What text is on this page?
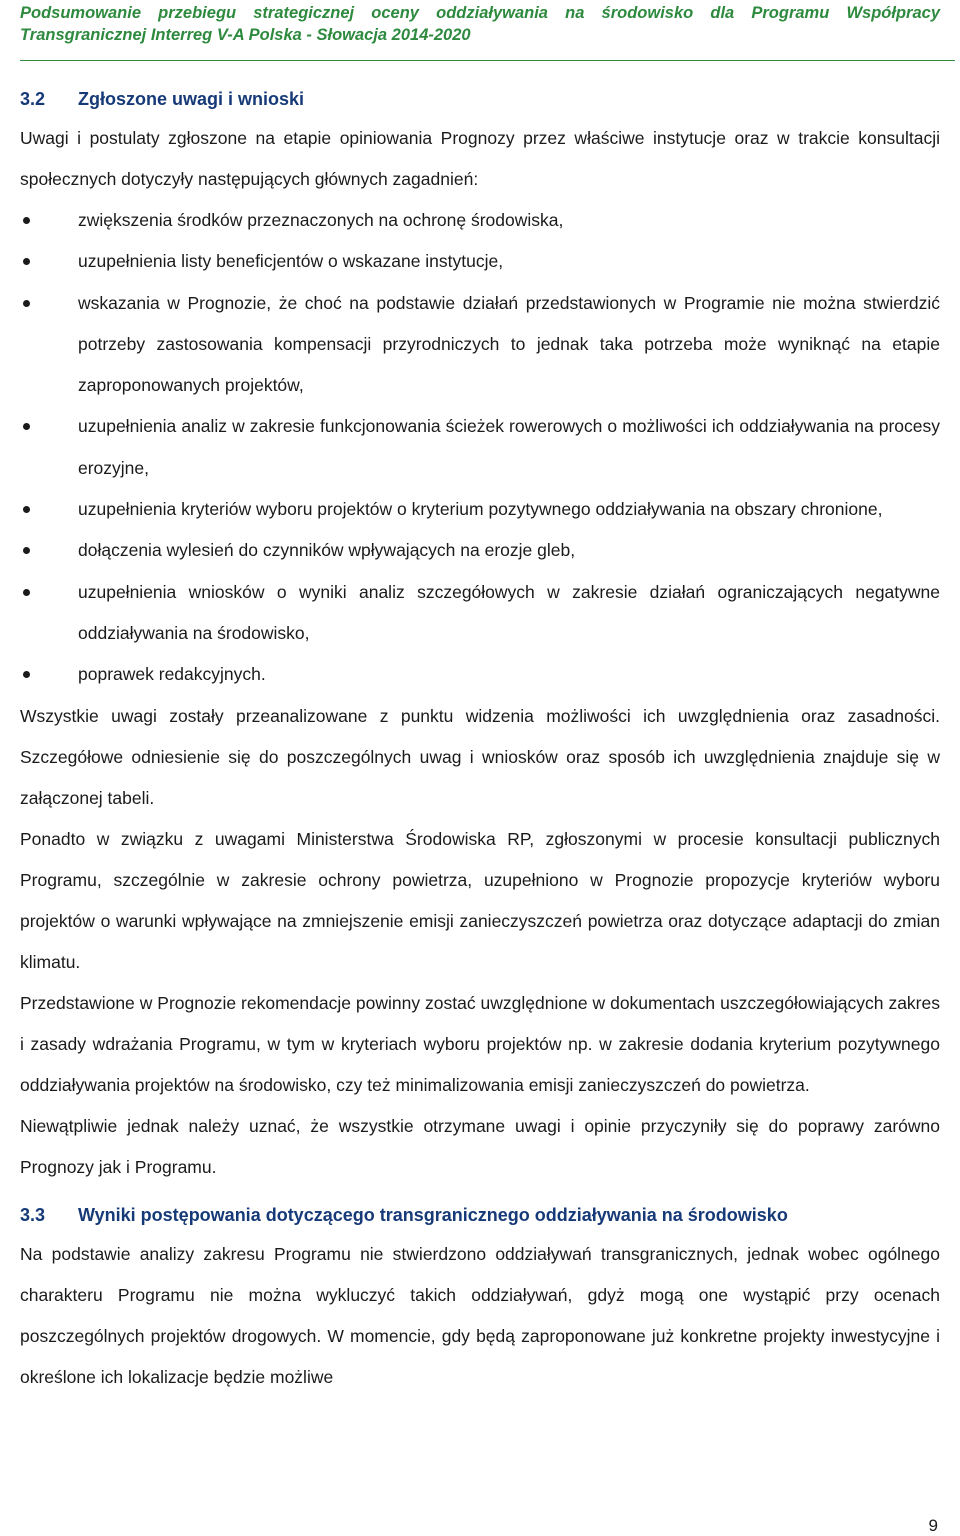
Podsumowanie przebiegu strategicznej oceny oddziaływania na środowisko dla Programu Współpracy
Transgranicznej Interreg V-A Polska - Słowacja 2014-2020
3.2	Zgłoszone uwagi i wnioski

Uwagi i postulaty zgłoszone na etapie opiniowania Prognozy przez właściwe instytucje oraz w trakcie konsultacji społecznych dotyczyły następujących głównych zagadnień:

zwiększenia środków przeznaczonych na ochronę środowiska,
uzupełnienia listy beneficjentów o wskazane instytucje,
wskazania w Prognozie, że choć na podstawie działań przedstawionych w Programie nie można stwierdzić potrzeby zastosowania kompensacji przyrodniczych to jednak taka potrzeba może wyniknąć na etapie zaproponowanych projektów,
uzupełnienia analiz w zakresie funkcjonowania ścieżek rowerowych o możliwości ich oddziaływania na procesy erozyjne,
uzupełnienia kryteriów wyboru projektów o kryterium pozytywnego oddziaływania na obszary chronione,
dołączenia wylesień do czynników wpływających na erozje gleb,
uzupełnienia wniosków o wyniki analiz szczegółowych w zakresie działań ograniczających negatywne oddziaływania na środowisko,
poprawek redakcyjnych.

Wszystkie uwagi zostały przeanalizowane z punktu widzenia możliwości ich uwzględnienia oraz zasadności. Szczegółowe odniesienie się do poszczególnych uwag i wniosków oraz sposób ich uwzględnienia znajduje się w załączonej tabeli.

Ponadto w związku z uwagami Ministerstwa Środowiska RP, zgłoszonymi w procesie konsultacji publicznych Programu, szczególnie w zakresie ochrony powietrza, uzupełniono w Prognozie propozycje kryteriów wyboru projektów o warunki wpływające na zmniejszenie emisji zanieczyszczeń powietrza oraz dotyczące adaptacji do zmian klimatu.

Przedstawione w Prognozie rekomendacje powinny zostać uwzględnione w dokumentach uszczegółowiających zakres i zasady wdrażania Programu, w tym w kryteriach wyboru projektów np. w zakresie dodania kryterium pozytywnego oddziaływania projektów na środowisko, czy też minimalizowania emisji zanieczyszczeń do powietrza.

Niewątpliwie jednak należy uznać, że wszystkie otrzymane uwagi i opinie przyczyniły się do poprawy zarówno Prognozy jak i Programu.

3.3	Wyniki postępowania dotyczącego transgranicznego oddziaływania na środowisko

Na podstawie analizy zakresu Programu nie stwierdzono oddziaływań transgranicznych, jednak wobec ogólnego charakteru Programu nie można wykluczyć takich oddziaływań, gdyż mogą one wystąpić przy ocenach poszczególnych projektów drogowych. W momencie, gdy będą zaproponowane już konkretne projekty inwestycyjne i określone ich lokalizacje będzie możliwe

9
